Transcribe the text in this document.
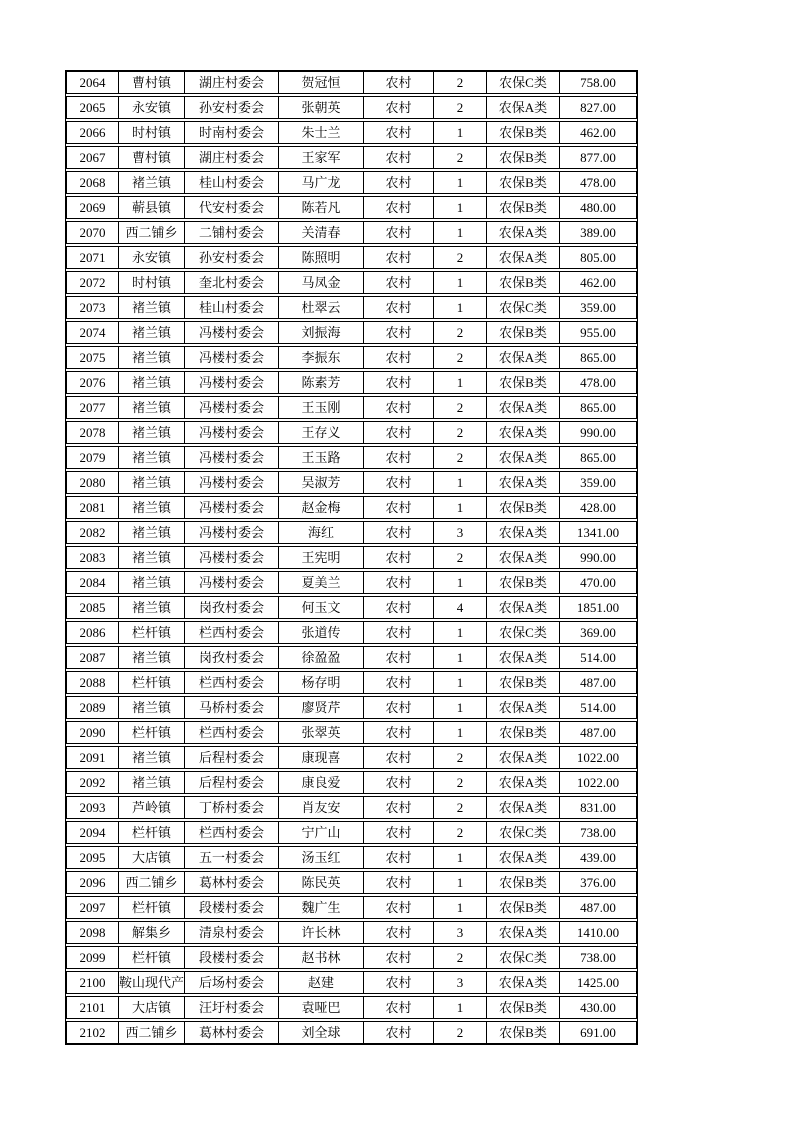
2064	曹村镇	湖庄村委会	贺冠恒	农村	2	农保C类	758.00
2065	永安镇	孙安村委会	张朝英	农村	2	农保A类	827.00
2066	时村镇	时南村委会	朱士兰	农村	1	农保B类	462.00
2067	曹村镇	湖庄村委会	王家军	农村	2	农保B类	877.00
2068	褚兰镇	桂山村委会	马广龙	农村	1	农保B类	478.00
2069	蕲县镇	代安村委会	陈若凡	农村	1	农保B类	480.00
2070	西二铺乡	二铺村委会	关清春	农村	1	农保A类	389.00
2071	永安镇	孙安村委会	陈照明	农村	2	农保A类	805.00
2072	时村镇	奎北村委会	马凤金	农村	1	农保B类	462.00
2073	褚兰镇	桂山村委会	杜翠云	农村	1	农保C类	359.00
2074	褚兰镇	冯楼村委会	刘振海	农村	2	农保B类	955.00
2075	褚兰镇	冯楼村委会	李振东	农村	2	农保A类	865.00
2076	褚兰镇	冯楼村委会	陈素芳	农村	1	农保B类	478.00
2077	褚兰镇	冯楼村委会	王玉刚	农村	2	农保A类	865.00
2078	褚兰镇	冯楼村委会	王存义	农村	2	农保A类	990.00
2079	褚兰镇	冯楼村委会	王玉路	农村	2	农保A类	865.00
2080	褚兰镇	冯楼村委会	吴淑芳	农村	1	农保A类	359.00
2081	褚兰镇	冯楼村委会	赵金梅	农村	1	农保B类	428.00
2082	褚兰镇	冯楼村委会	海红	农村	3	农保A类	1341.00
2083	褚兰镇	冯楼村委会	王宪明	农村	2	农保A类	990.00
2084	褚兰镇	冯楼村委会	夏美兰	农村	1	农保B类	470.00
2085	褚兰镇	岗孜村委会	何玉文	农村	4	农保A类	1851.00
2086	栏杆镇	栏西村委会	张道传	农村	1	农保C类	369.00
2087	褚兰镇	岗孜村委会	徐盈盈	农村	1	农保A类	514.00
2088	栏杆镇	栏西村委会	杨存明	农村	1	农保B类	487.00
2089	褚兰镇	马桥村委会	廖贤芹	农村	1	农保A类	514.00
2090	栏杆镇	栏西村委会	张翠英	农村	1	农保B类	487.00
2091	褚兰镇	后程村委会	康现喜	农村	2	农保A类	1022.00
2092	褚兰镇	后程村委会	康良爱	农村	2	农保A类	1022.00
2093	芦岭镇	丁桥村委会	肖友安	农村	2	农保A类	831.00
2094	栏杆镇	栏西村委会	宁广山	农村	2	农保C类	738.00
2095	大店镇	五一村委会	汤玉红	农村	1	农保A类	439.00
2096	西二铺乡	葛林村委会	陈民英	农村	1	农保B类	376.00
2097	栏杆镇	段楼村委会	魏广生	农村	1	农保B类	487.00
2098	解集乡	清泉村委会	许长林	农村	3	农保A类	1410.00
2099	栏杆镇	段楼村委会	赵书林	农村	2	农保C类	738.00
2100	鞍山现代产	后场村委会	赵建	农村	3	农保A类	1425.00
2101	大店镇	汪圩村委会	袁哑巴	农村	1	农保B类	430.00
2102	西二铺乡	葛林村委会	刘全球	农村	2	农保B类	691.00
